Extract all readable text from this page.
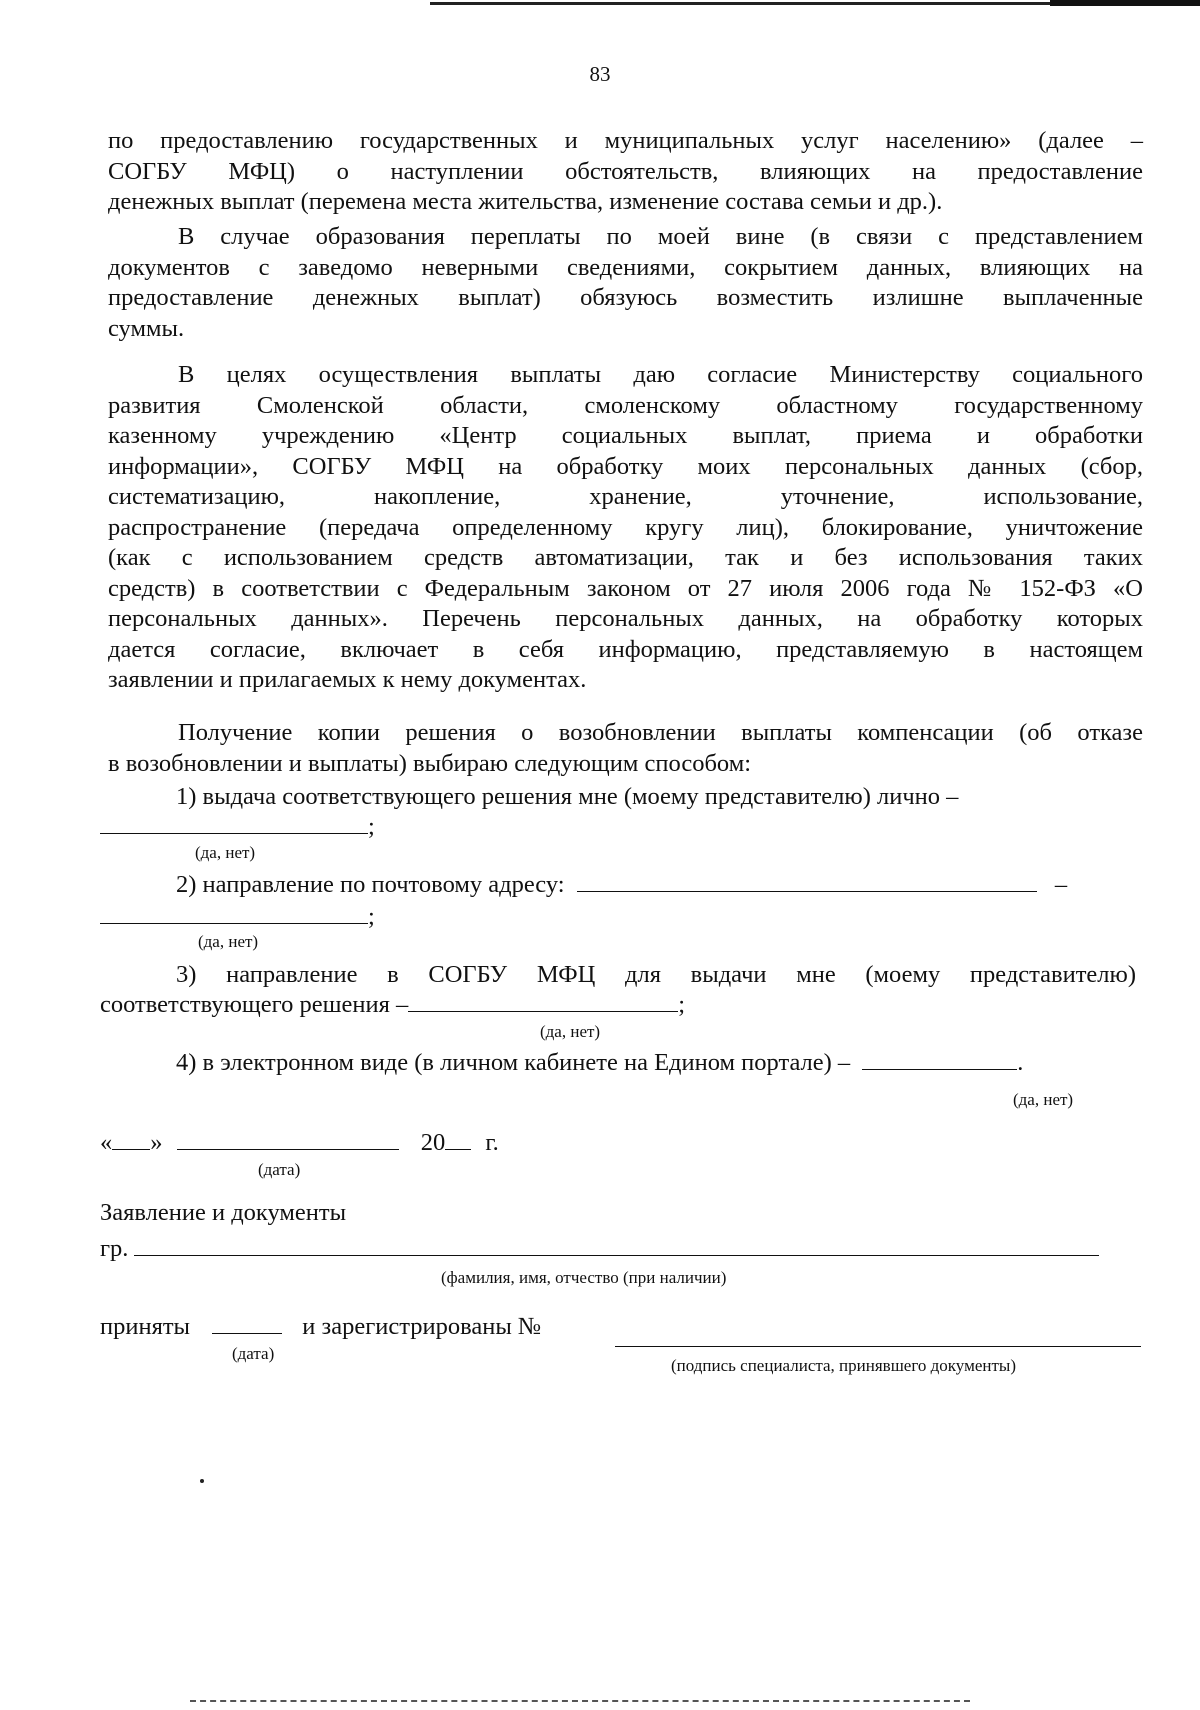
83
по предоставлению государственных и муниципальных услуг населению» (далее –
СОГБУ МФЦ) о наступлении обстоятельств, влияющих на предоставление
денежных выплат (перемена места жительства, изменение состава семьи и др.).
В случае образования переплаты по моей вине (в связи с представлением
документов с заведомо неверными сведениями, сокрытием данных, влияющих на
предоставление денежных выплат) обязуюсь возместить излишне выплаченные
суммы.
В целях осуществления выплаты даю согласие Министерству социального
развития Смоленской области, смоленскому областному государственному
казенному учреждению «Центр социальных выплат, приема и обработки
информации», СОГБУ МФЦ на обработку моих персональных данных (сбор,
систематизацию, накопление, хранение, уточнение, использование,
распространение (передача определенному кругу лиц), блокирование, уничтожение
(как с использованием средств автоматизации, так и без использования таких
средств) в соответствии с Федеральным законом от 27 июля 2006 года № 152-ФЗ «О
персональных данных». Перечень персональных данных, на обработку которых
дается согласие, включает в себя информацию, представляемую в настоящем
заявлении и прилагаемых к нему документах.
Получение копии решения о возобновлении выплаты компенсации (об отказе
в возобновлении и выплаты) выбираю следующим способом:
1) выдача соответствующего решения мне (моему представителю) лично –
;
(да, нет)
2) направление по почтовому адресу:	–
;
(да, нет)
3) направление в СОГБУ МФЦ для выдачи мне (моему представителю)
соответствующего решения –	;
(да, нет)
4) в электронном виде (в личном кабинете на Едином портале) –	.
(да, нет)
« »	20 г.
(дата)
Заявление и документы
гр.
(фамилия, имя, отчество (при наличии)
приняты	и зарегистрированы №
(дата)
(подпись специалиста, принявшего документы)
